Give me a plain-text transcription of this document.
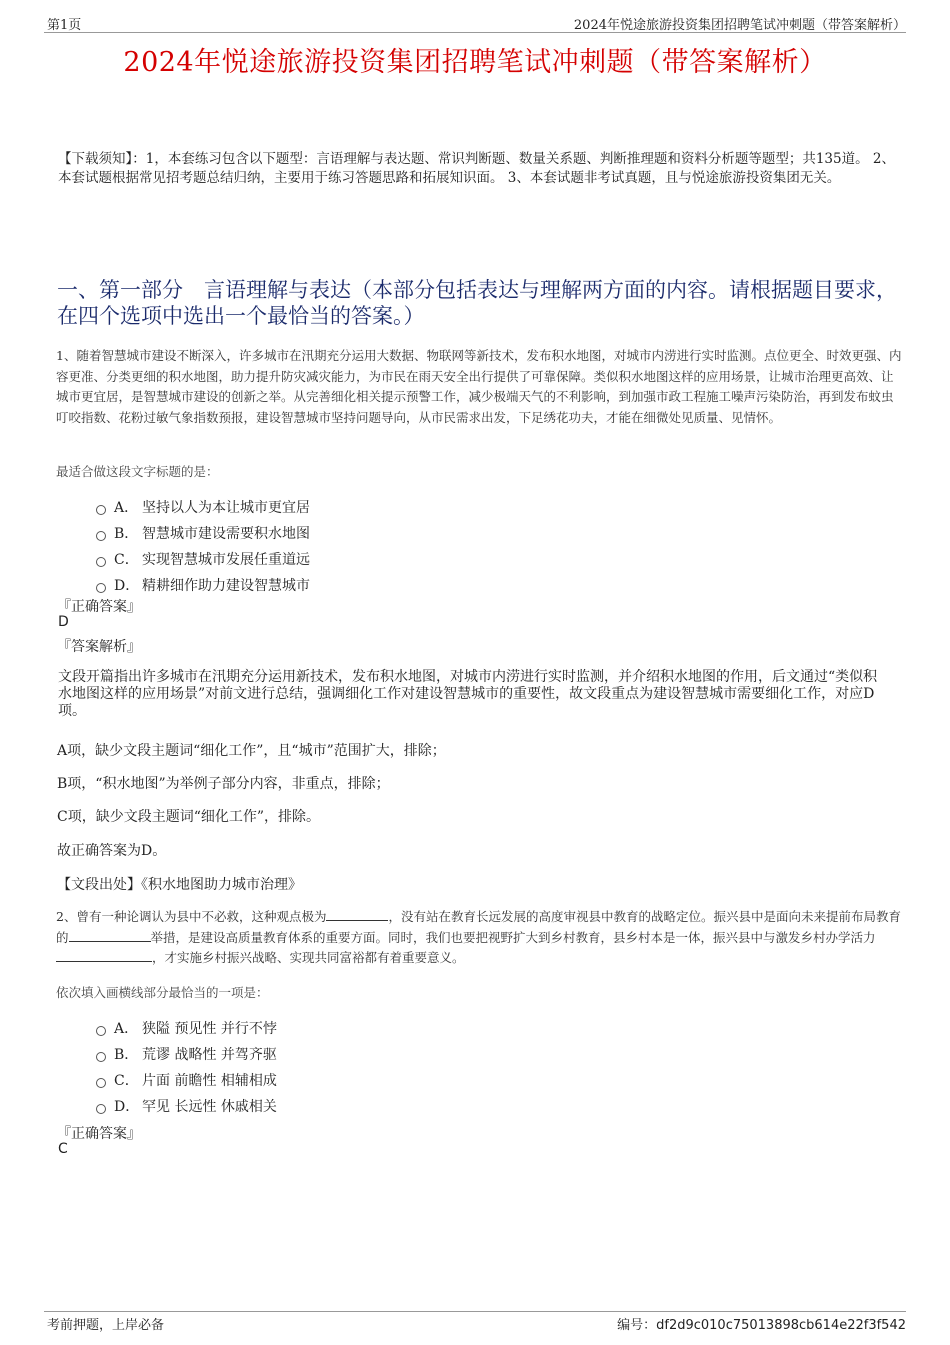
第1页	2024年悦途旅游投资集团招聘笔试冲刺题（带答案解析）
2024年悦途旅游投资集团招聘笔试冲刺题（带答案解析）
【下载须知】：1，本套练习包含以下题型：言语理解与表达题、常识判断题、数量关系题、判断推理题和资料分析题等题型；共135道。 2、本套试题根据常见招考题总结归纳，主要用于练习答题思路和拓展知识面。 3、本套试题非考试真题，且与悦途旅游投资集团无关。
一、第一部分　言语理解与表达（本部分包括表达与理解两方面的内容。请根据题目要求，在四个选项中选出一个最恰当的答案。）
1、随着智慧城市建设不断深入，许多城市在汛期充分运用大数据、物联网等新技术，发布积水地图，对城市内涝进行实时监测。点位更全、时效更强、内容更准、分类更细的积水地图，助力提升防灾减灾能力，为市民在雨天安全出行提供了可靠保障。类似积水地图这样的应用场景，让城市治理更高效、让城市更宜居，是智慧城市建设的创新之举。从完善细化相关提示预警工作，减少极端天气的不利影响，到加强市政工程施工噪声污染防治，再到发布蚊虫叮咬指数、花粉过敏气象指数预报，建设智慧城市坚持问题导向，从市民需求出发，下足绣花功夫，才能在细微处见质量、见情怀。
最适合做这段文字标题的是：
A． 坚持以人为本让城市更宜居
B． 智慧城市建设需要积水地图
C． 实现智慧城市发展任重道远
D． 精耕细作助力建设智慧城市
『正确答案』
D
『答案解析』
文段开篇指出许多城市在汛期充分运用新技术，发布积水地图，对城市内涝进行实时监测，并介绍积水地图的作用，后文通过“类似积水地图这样的应用场景”对前文进行总结，强调细化工作对建设智慧城市的重要性，故文段重点为建设智慧城市需要细化工作，对应D项。
A项，缺少文段主题词“细化工作”，且“城市”范围扩大，排除；
B项，“积水地图”为举例子部分内容，非重点，排除；
C项，缺少文段主题词“细化工作”，排除。
故正确答案为D。
【文段出处】《积水地图助力城市治理》
2、曾有一种论调认为县中不必救，这种观点极为	，没有站在教育长远发展的高度审视县中教育的战略定位。振兴县中是面向未来提前布局教育的	举措，是建设高质量教育体系的重要方面。同时，我们也要把视野扩大到乡村教育，县乡村本是一体，振兴县中与激发乡村办学活力，才实施乡村振兴战略、实现共同富裕都有着重要意义。
依次填入画横线部分最恰当的一项是：
A． 狭隘 预见性 并行不悖
B． 荒谬 战略性 并驾齐驱
C． 片面 前瞻性 相辅相成
D． 罕见 长远性 休戚相关
『正确答案』
C
考前押题，上岸必备	编号：df2d9c010c75013898cb614e22f3f542
